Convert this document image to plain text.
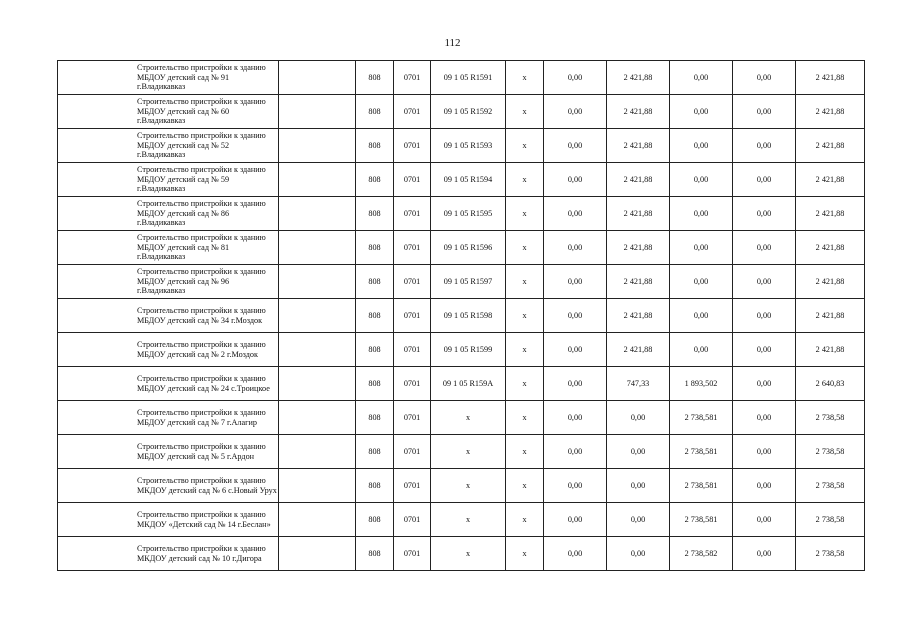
112
Строительство пристройки к зданию МБДОУ детский сад № 91 г.Владикавказ		808	0701	09 1 05 R1591	х	0,00	2 421,88	0,00	0,00	2 421,88
Строительство пристройки к зданию МБДОУ детский сад № 60 г.Владикавказ		808	0701	09 1 05 R1592	х	0,00	2 421,88	0,00	0,00	2 421,88
Строительство пристройки к зданию МБДОУ детский сад № 52 г.Владикавказ		808	0701	09 1 05 R1593	х	0,00	2 421,88	0,00	0,00	2 421,88
Строительство пристройки к зданию МБДОУ детский сад № 59 г.Владикавказ		808	0701	09 1 05 R1594	х	0,00	2 421,88	0,00	0,00	2 421,88
Строительство пристройки к зданию МБДОУ детский сад № 86 г.Владикавказ		808	0701	09 1 05 R1595	х	0,00	2 421,88	0,00	0,00	2 421,88
Строительство пристройки к зданию МБДОУ детский сад № 81 г.Владикавказ		808	0701	09 1 05 R1596	х	0,00	2 421,88	0,00	0,00	2 421,88
Строительство пристройки к зданию МБДОУ детский сад № 96 г.Владикавказ		808	0701	09 1 05 R1597	х	0,00	2 421,88	0,00	0,00	2 421,88
Строительство пристройки к зданию МБДОУ детский сад № 34 г.Моздок		808	0701	09 1 05 R1598	х	0,00	2 421,88	0,00	0,00	2 421,88
Строительство пристройки к зданию МБДОУ детский сад № 2 г.Моздок		808	0701	09 1 05 R1599	х	0,00	2 421,88	0,00	0,00	2 421,88
Строительство пристройки к зданию МБДОУ детский сад № 24 с.Троицкое		808	0701	09 1 05 R159A	х	0,00	747,33	1 893,502	0,00	2 640,83
Строительство пристройки к зданию МБДОУ детский сад № 7 г.Алагир		808	0701	х	х	0,00	0,00	2 738,581	0,00	2 738,58
Строительство пристройки к зданию МБДОУ детский сад № 5 г.Ардон		808	0701	х	х	0,00	0,00	2 738,581	0,00	2 738,58
Строительство пристройки к зданию МКДОУ детский сад № 6 с.Новый Урух		808	0701	х	х	0,00	0,00	2 738,581	0,00	2 738,58
Строительство пристройки к зданию МКДОУ «Детский сад № 14 г.Беслан»		808	0701	х	х	0,00	0,00	2 738,581	0,00	2 738,58
Строительство пристройки к зданию МКДОУ детский сад № 10 г.Дигора		808	0701	х	х	0,00	0,00	2 738,582	0,00	2 738,58
